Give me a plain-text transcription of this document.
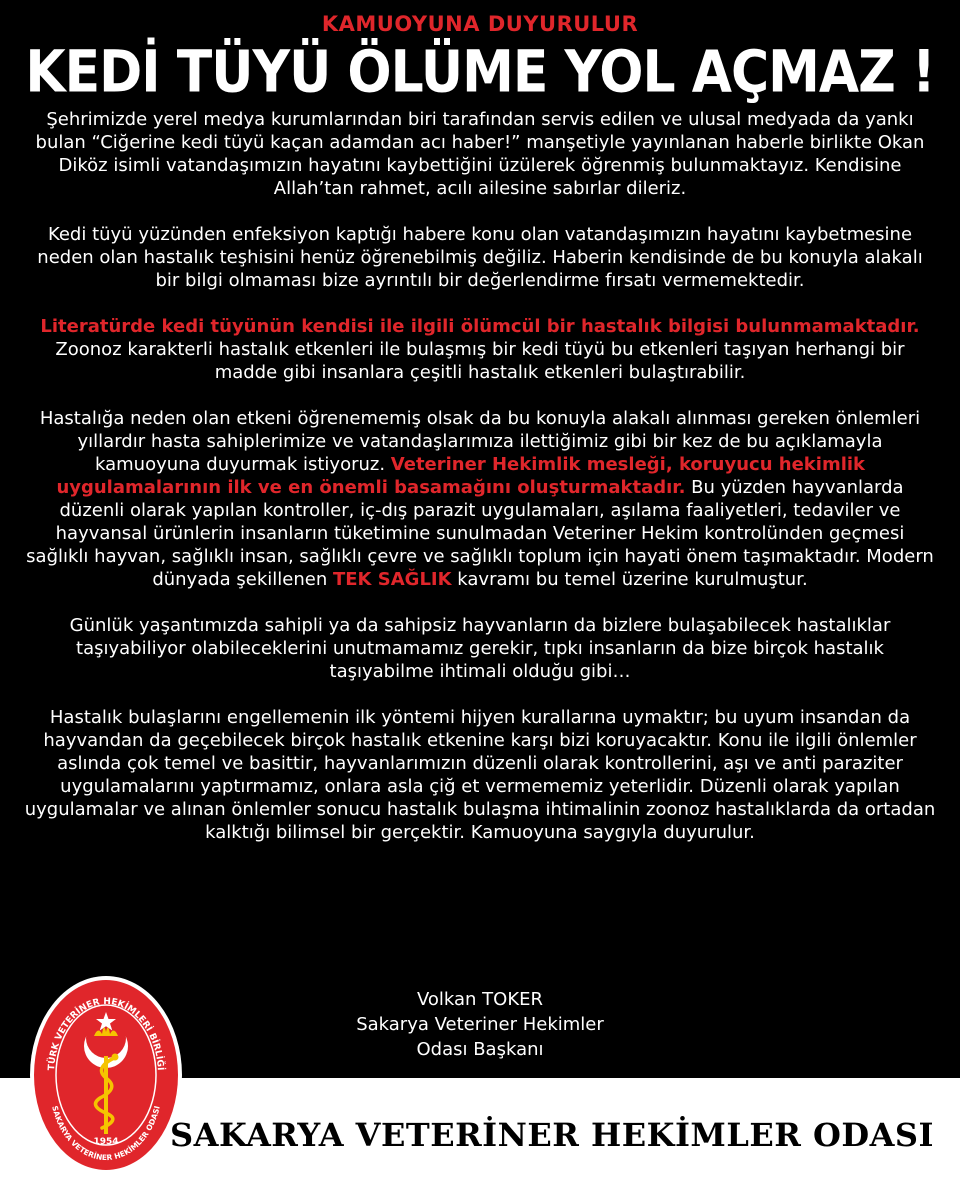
KAMUOYUNA DUYURULUR
KEDİ TÜYÜ ÖLÜME YOL AÇMAZ !

Şehrimizde yerel medya kurumlarından biri tarafından servis edilen ve ulusal medyada da yankı bulan “Ciğerine kedi tüyü kaçan adamdan acı haber!” manşetiyle yayınlanan haberle birlikte Okan Diköz isimli vatandaşımızın hayatını kaybettiğini üzülerek öğrenmiş bulunmaktayız. Kendisine Allah’tan rahmet, acılı ailesine sabırlar dileriz.

Kedi tüyü yüzünden enfeksiyon kaptığı habere konu olan vatandaşımızın hayatını kaybetmesine neden olan hastalık teşhisini henüz öğrenebilmiş değiliz. Haberin kendisinde de bu konuyla alakalı bir bilgi olmaması bize ayrıntılı bir değerlendirme fırsatı vermemektedir.

Literatürde kedi tüyünün kendisi ile ilgili ölümcül bir hastalık bilgisi bulunmamaktadır. Zoonoz karakterli hastalık etkenleri ile bulaşmış bir kedi tüyü bu etkenleri taşıyan herhangi bir madde gibi insanlara çeşitli hastalık etkenleri bulaştırabilir.

Hastalığa neden olan etkeni öğrenememiş olsak da bu konuyla alakalı alınması gereken önlemleri yıllardır hasta sahiplerimize ve vatandaşlarımıza ilettiğimiz gibi bir kez de bu açıklamayla kamuoyuna duyurmak istiyoruz. Veteriner Hekimlik mesleği, koruyucu hekimlik uygulamalarının ilk ve en önemli basamağını oluşturmaktadır. Bu yüzden hayvanlarda düzenli olarak yapılan kontroller, iç-dış parazit uygulamaları, aşılama faaliyetleri, tedaviler ve hayvansal ürünlerin insanların tüketimine sunulmadan Veteriner Hekim kontrolünden geçmesi sağlıklı hayvan, sağlıklı insan, sağlıklı çevre ve sağlıklı toplum için hayati önem taşımaktadır. Modern dünyada şekillenen TEK SAĞLIK kavramı bu temel üzerine kurulmuştur.

Günlük yaşantımızda sahipli ya da sahipsiz hayvanların da bizlere bulaşabilecek hastalıklar taşıyabiliyor olabileceklerini unutmamamız gerekir, tıpkı insanların da bize birçok hastalık taşıyabilme ihtimali olduğu gibi…

Hastalık bulaşlarını engellemenin ilk yöntemi hijyen kurallarına uymaktır; bu uyum insandan da hayvandan da geçebilecek birçok hastalık etkenine karşı bizi koruyacaktır. Konu ile ilgili önlemler aslında çok temel ve basittir, hayvanlarımızın düzenli olarak kontrollerini, aşı ve anti paraziter uygulamalarını yaptırmamız, onlara asla çiğ et vermememiz yeterlidir. Düzenli olarak yapılan uygulamalar ve alınan önlemler sonucu hastalık bulaşma ihtimalinin zoonoz hastalıklarda da ortadan kalktığı bilimsel bir gerçektir. Kamuoyuna saygıyla duyurulur.

Volkan TOKER
Sakarya Veteriner Hekimler
Odası Başkanı
SAKARYA VETERİNER HEKİMLER ODASI
TÜRK VETERİNER HEKİMLERİ BİRLİĞİ
SAKARYA VETERİNER HEKİMLER ODASI
1954
